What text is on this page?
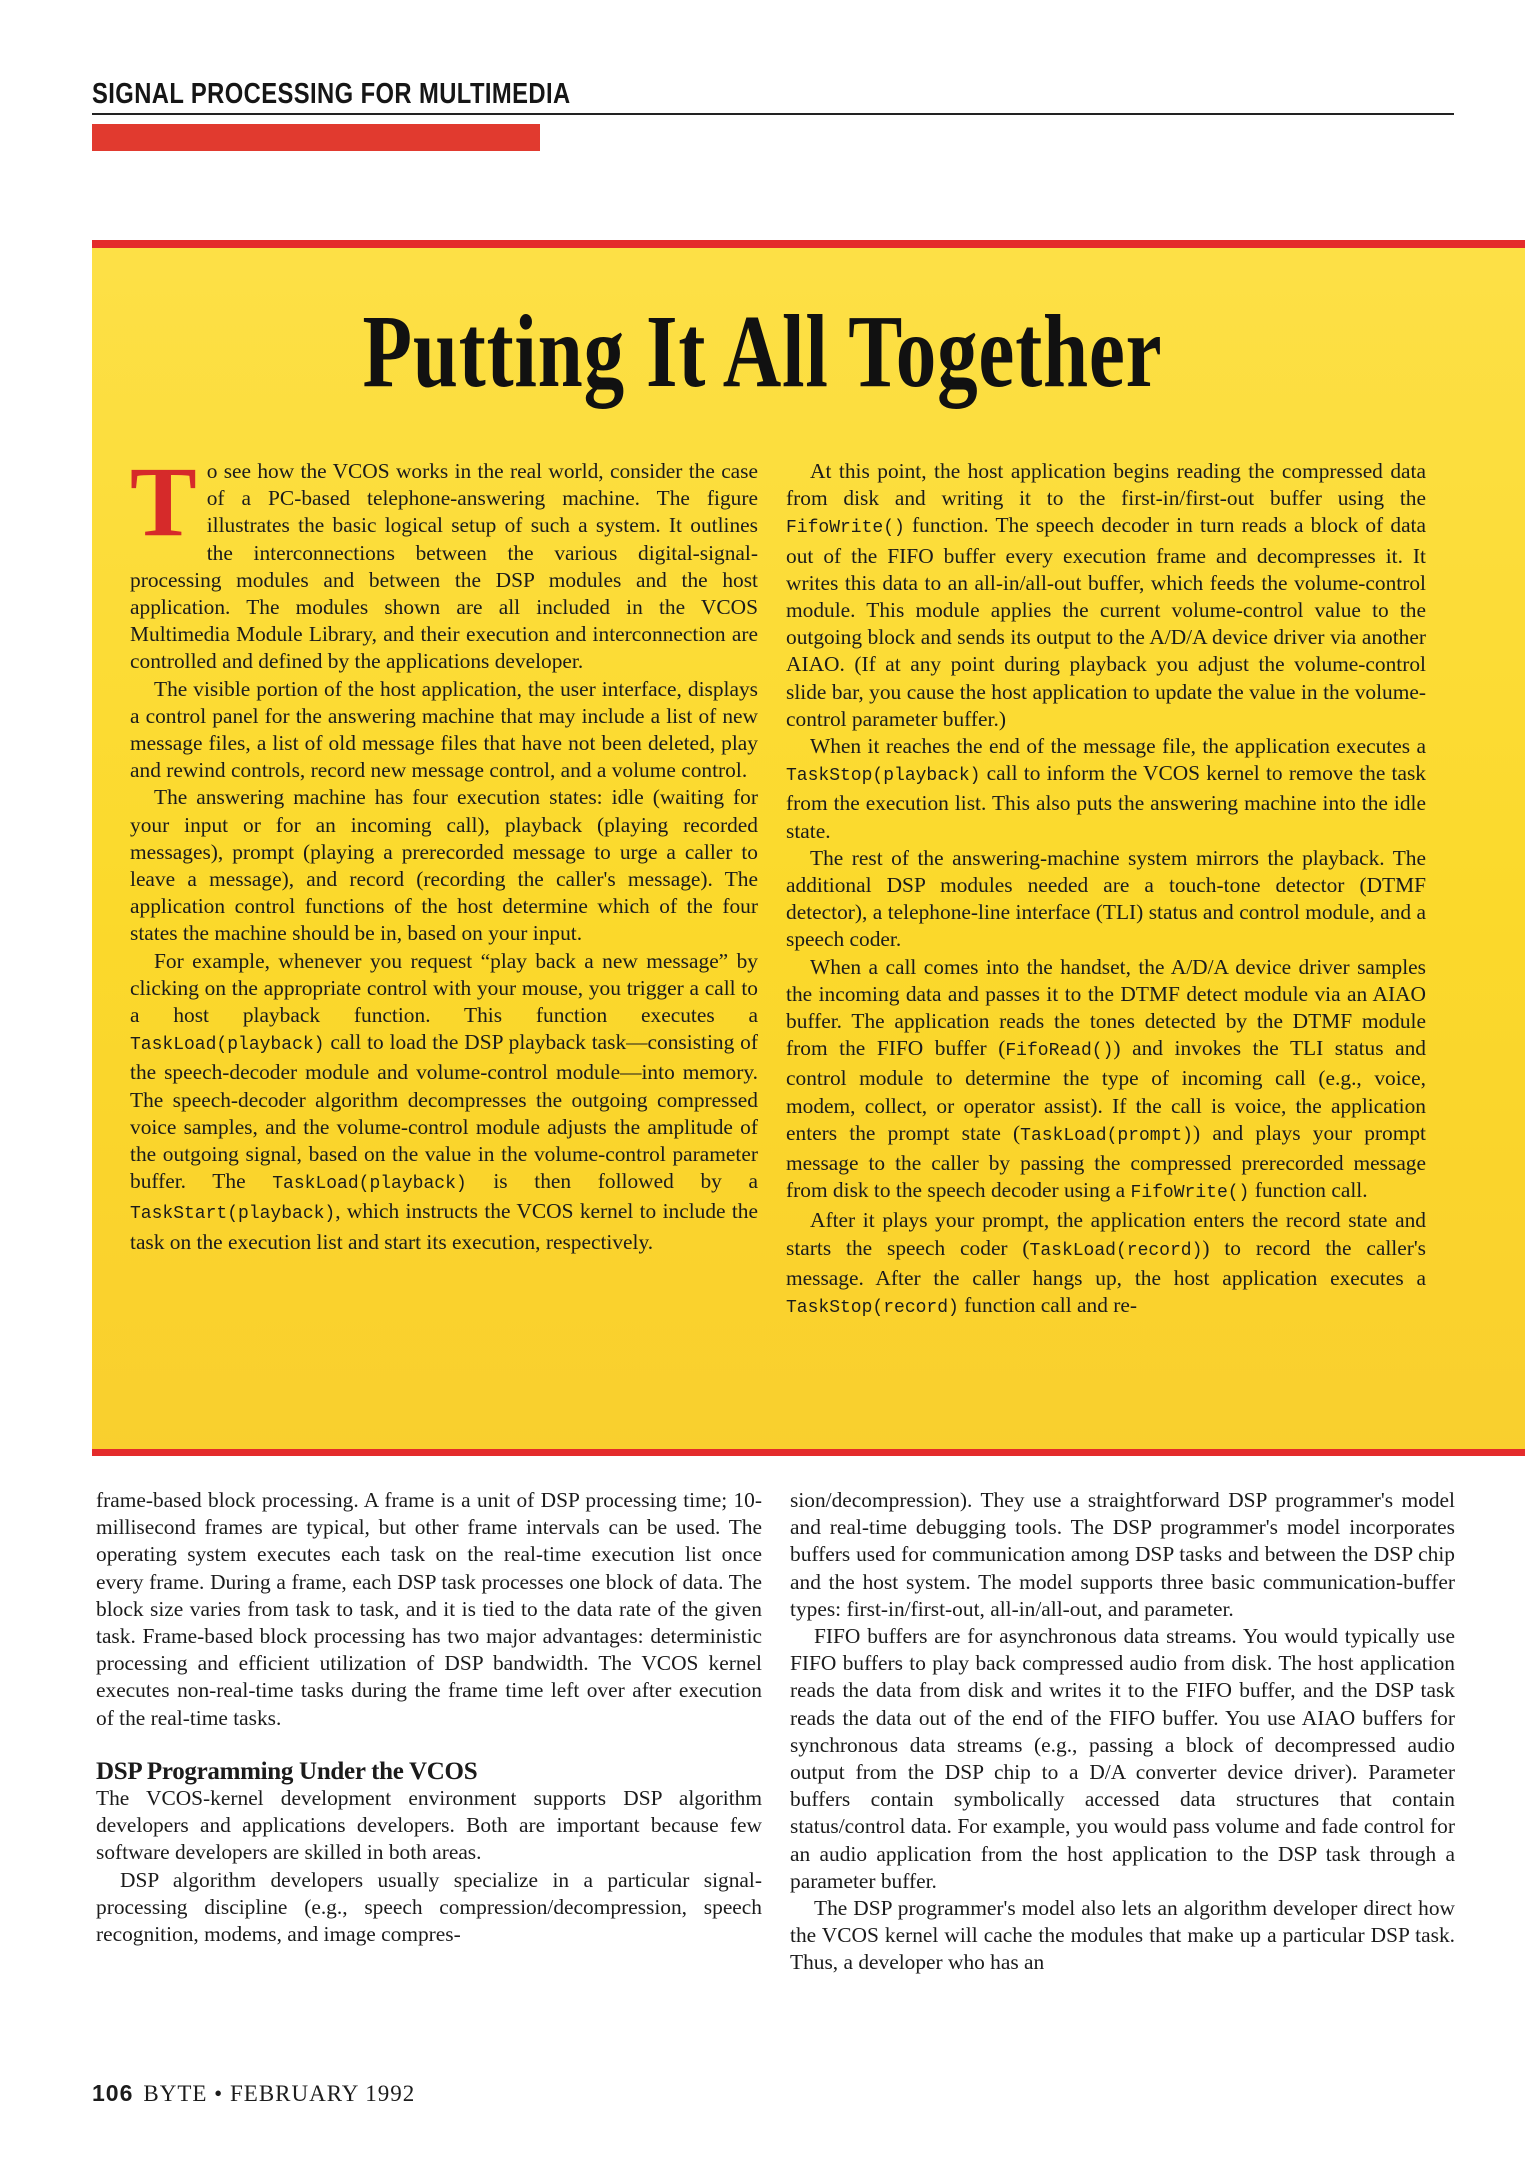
SIGNAL PROCESSING FOR MULTIMEDIA
Putting It All Together

To see how the VCOS works in the real world, consider the case of a PC-based telephone-answering machine. The figure illustrates the basic logical setup of such a system. It outlines the interconnections between the various digital-signal-processing modules and between the DSP modules and the host application. The modules shown are all included in the VCOS Multimedia Module Library, and their execution and interconnection are controlled and defined by the applications developer.

The visible portion of the host application, the user interface, displays a control panel for the answering machine that may include a list of new message files, a list of old message files that have not been deleted, play and rewind controls, record new message control, and a volume control.

The answering machine has four execution states: idle (waiting for your input or for an incoming call), playback (playing recorded messages), prompt (playing a prerecorded message to urge a caller to leave a message), and record (recording the caller's message). The application control functions of the host determine which of the four states the machine should be in, based on your input.

For example, whenever you request “play back a new message” by clicking on the appropriate control with your mouse, you trigger a call to a host playback function. This function executes a TaskLoad(playback) call to load the DSP playback task—consisting of the speech-decoder module and volume-control module—into memory. The speech-decoder algorithm decompresses the outgoing compressed voice samples, and the volume-control module adjusts the amplitude of the outgoing signal, based on the value in the volume-control parameter buffer. The TaskLoad(playback) is then followed by a TaskStart(playback), which instructs the VCOS kernel to include the task on the execution list and start its execution, respectively.

At this point, the host application begins reading the compressed data from disk and writing it to the first-in/first-out buffer using the FifoWrite() function. The speech decoder in turn reads a block of data out of the FIFO buffer every execution frame and decompresses it. It writes this data to an all-in/all-out buffer, which feeds the volume-control module. This module applies the current volume-control value to the outgoing block and sends its output to the A/D/A device driver via another AIAO. (If at any point during playback you adjust the volume-control slide bar, you cause the host application to update the value in the volume-control parameter buffer.)

When it reaches the end of the message file, the application executes a TaskStop(playback) call to inform the VCOS kernel to remove the task from the execution list. This also puts the answering machine into the idle state.

The rest of the answering-machine system mirrors the playback. The additional DSP modules needed are a touch-tone detector (DTMF detector), a telephone-line interface (TLI) status and control module, and a speech coder.

When a call comes into the handset, the A/D/A device driver samples the incoming data and passes it to the DTMF detect module via an AIAO buffer. The application reads the tones detected by the DTMF module from the FIFO buffer (FifoRead()) and invokes the TLI status and control module to determine the type of incoming call (e.g., voice, modem, collect, or operator assist). If the call is voice, the application enters the prompt state (TaskLoad(prompt)) and plays your prompt message to the caller by passing the compressed prerecorded message from disk to the speech decoder using a FifoWrite() function call.

After it plays your prompt, the application enters the record state and starts the speech coder (TaskLoad(record)) to record the caller's message. After the caller hangs up, the host application executes a TaskStop(record) function call and re-

frame-based block processing. A frame is a unit of DSP processing time; 10-millisecond frames are typical, but other frame intervals can be used. The operating system executes each task on the real-time execution list once every frame. During a frame, each DSP task processes one block of data. The block size varies from task to task, and it is tied to the data rate of the given task. Frame-based block processing has two major advantages: deterministic processing and efficient utilization of DSP bandwidth. The VCOS kernel executes non-real-time tasks during the frame time left over after execution of the real-time tasks.

DSP Programming Under the VCOS

The VCOS-kernel development environment supports DSP algorithm developers and applications developers. Both are important because few software developers are skilled in both areas.

DSP algorithm developers usually specialize in a particular signal-processing discipline (e.g., speech compression/decompression, speech recognition, modems, and image compres-

sion/decompression). They use a straightforward DSP programmer's model and real-time debugging tools. The DSP programmer's model incorporates buffers used for communication among DSP tasks and between the DSP chip and the host system. The model supports three basic communication-buffer types: first-in/first-out, all-in/all-out, and parameter.

FIFO buffers are for asynchronous data streams. You would typically use FIFO buffers to play back compressed audio from disk. The host application reads the data from disk and writes it to the FIFO buffer, and the DSP task reads the data out of the end of the FIFO buffer. You use AIAO buffers for synchronous data streams (e.g., passing a block of decompressed audio output from the DSP chip to a D/A converter device driver). Parameter buffers contain symbolically accessed data structures that contain status/control data. For example, you would pass volume and fade control for an audio application from the host application to the DSP task through a parameter buffer.

The DSP programmer's model also lets an algorithm developer direct how the VCOS kernel will cache the modules that make up a particular DSP task. Thus, a developer who has an

106 BYTE • FEBRUARY 1992
